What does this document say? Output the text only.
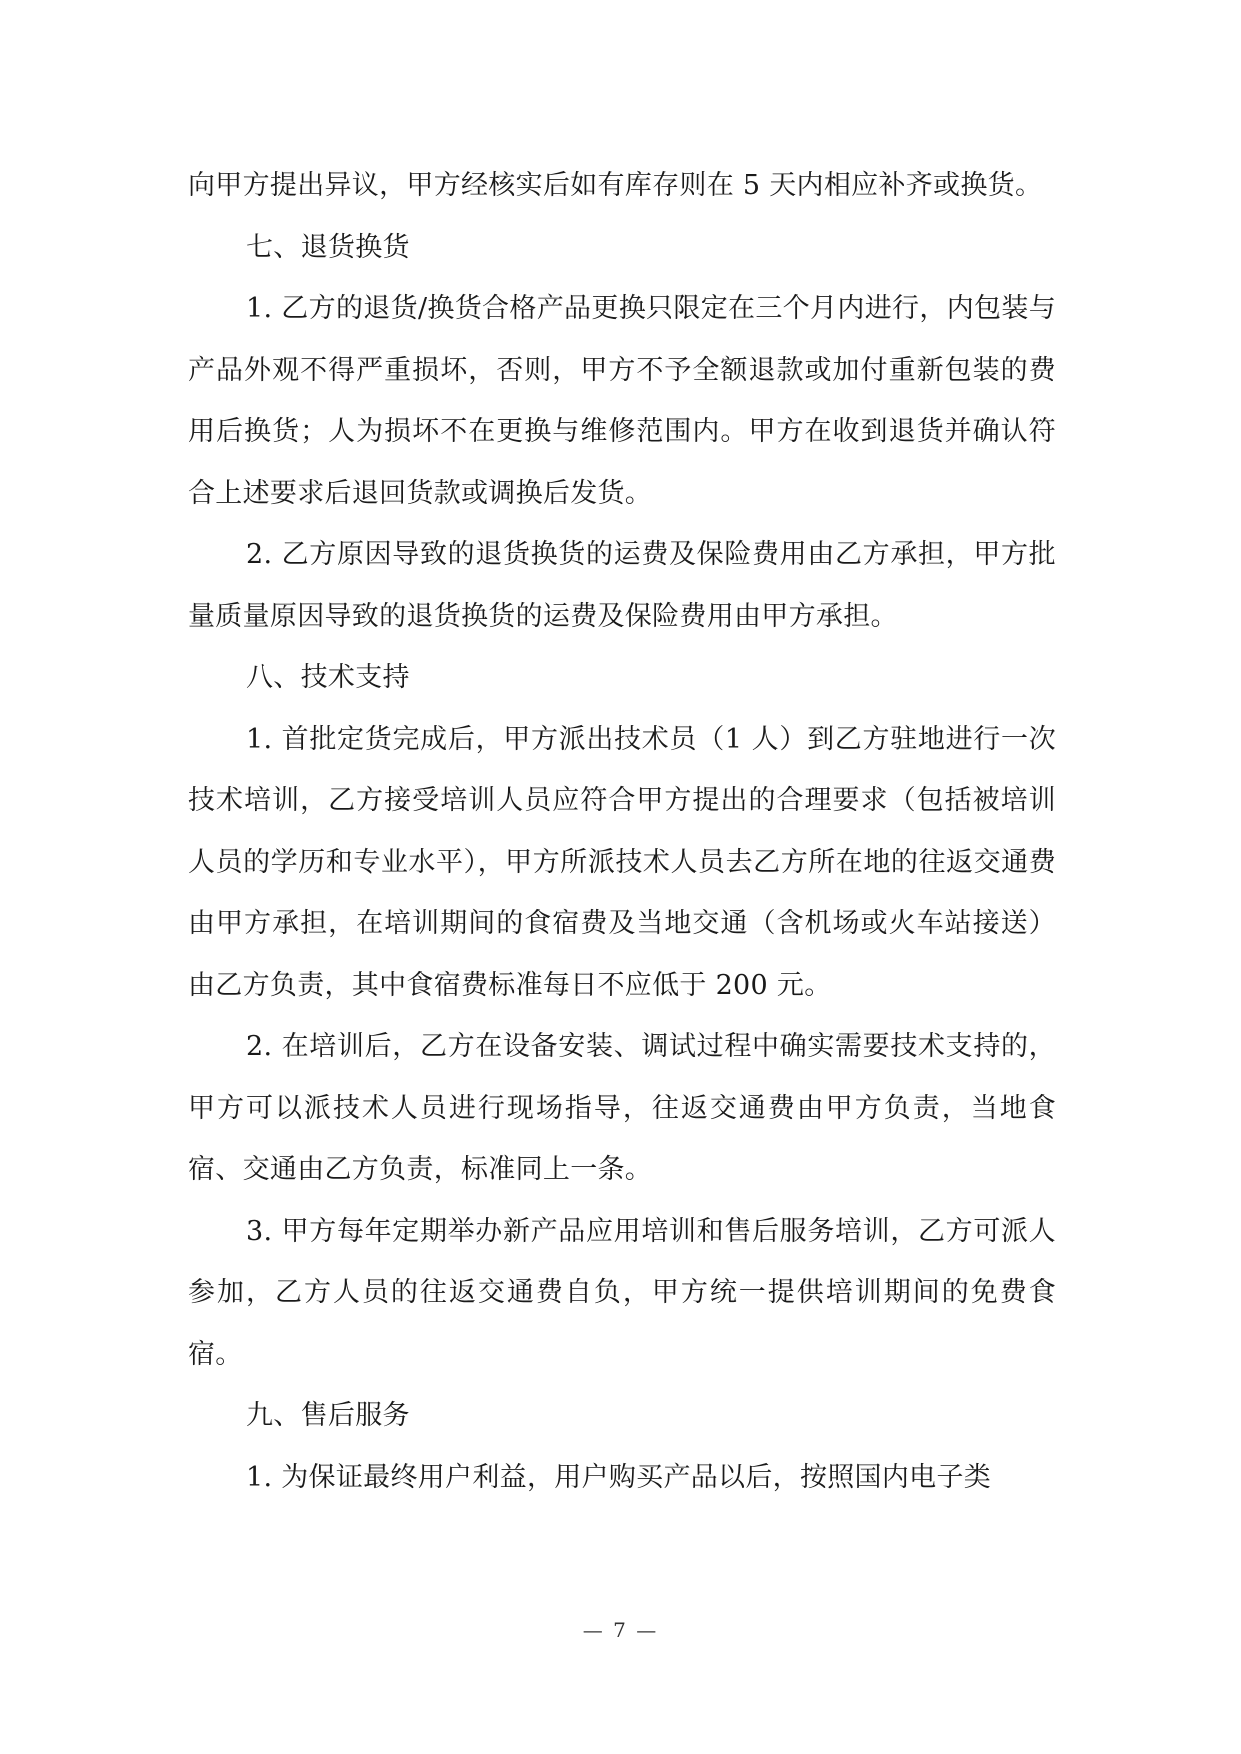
向甲方提出异议，甲方经核实后如有库存则在 5 天内相应补齐或换货。

七、退货换货

1. 乙方的退货/换货合格产品更换只限定在三个月内进行，内包装与产品外观不得严重损坏，否则，甲方不予全额退款或加付重新包装的费用后换货；人为损坏不在更换与维修范围内。甲方在收到退货并确认符合上述要求后退回货款或调换后发货。

2. 乙方原因导致的退货换货的运费及保险费用由乙方承担，甲方批量质量原因导致的退货换货的运费及保险费用由甲方承担。

八、技术支持

1. 首批定货完成后，甲方派出技术员（1 人）到乙方驻地进行一次技术培训，乙方接受培训人员应符合甲方提出的合理要求（包括被培训人员的学历和专业水平），甲方所派技术人员去乙方所在地的往返交通费由甲方承担，在培训期间的食宿费及当地交通（含机场或火车站接送）由乙方负责，其中食宿费标准每日不应低于 200 元。

2. 在培训后，乙方在设备安装、调试过程中确实需要技术支持的，甲方可以派技术人员进行现场指导，往返交通费由甲方负责，当地食宿、交通由乙方负责，标准同上一条。

3. 甲方每年定期举办新产品应用培训和售后服务培训，乙方可派人参加，乙方人员的往返交通费自负，甲方统一提供培训期间的免费食宿。

九、售后服务

1. 为保证最终用户利益，用户购买产品以后，按照国内电子类

— 7 —
